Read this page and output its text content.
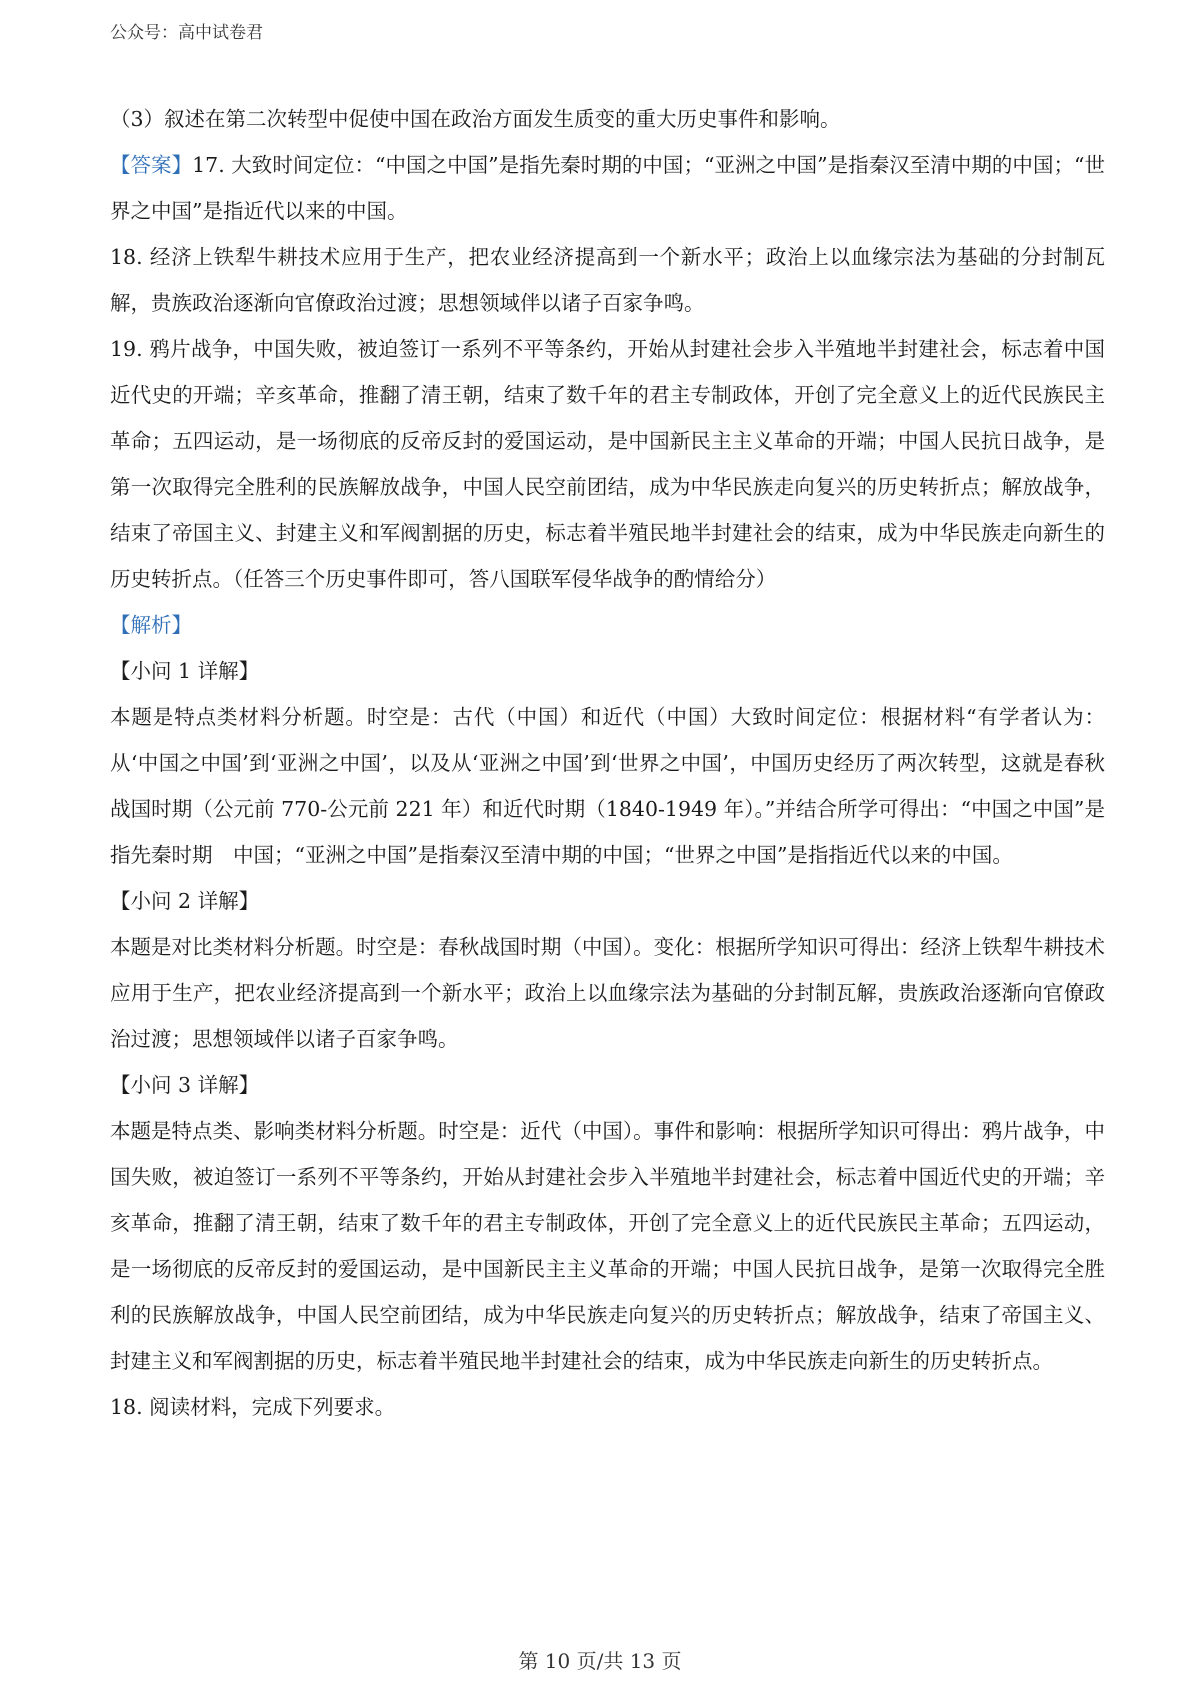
公众号：高中试卷君

（3）叙述在第二次转型中促使中国在政治方面发生质变的重大历史事件和影响。

【答案】17. 大致时间定位：“中国之中国”是指先秦时期的中国；“亚洲之中国”是指秦汉至清中期的中国；“世界之中国”是指近代以来的中国。

18. 经济上铁犁牛耕技术应用于生产，把农业经济提高到一个新水平；政治上以血缘宗法为基础的分封制瓦解，贵族政治逐渐向官僚政治过渡；思想领域伴以诸子百家争鸣。

19. 鸦片战争，中国失败，被迫签订一系列不平等条约，开始从封建社会步入半殖地半封建社会，标志着中国近代史的开端；辛亥革命，推翻了清王朝，结束了数千年的君主专制政体，开创了完全意义上的近代民族民主革命；五四运动，是一场彻底的反帝反封的爱国运动，是中国新民主主义革命的开端；中国人民抗日战争，是第一次取得完全胜利的民族解放战争，中国人民空前团结，成为中华民族走向复兴的历史转折点；解放战争，结束了帝国主义、封建主义和军阀割据的历史，标志着半殖民地半封建社会的结束，成为中华民族走向新生的历史转折点。（任答三个历史事件即可，答八国联军侵华战争的酌情给分）

【解析】

【小问 1 详解】

本题是特点类材料分析题。时空是：古代（中国）和近代（中国）大致时间定位：根据材料“有学者认为：从‘中国之中国’到‘亚洲之中国’，以及从‘亚洲之中国’到‘世界之中国’，中国历史经历了两次转型，这就是春秋战国时期（公元前 770-公元前 221 年）和近代时期（1840-1949 年）。”并结合所学可得出：“中国之中国”是指先秦时期　中国；“亚洲之中国”是指秦汉至清中期的中国；“世界之中国”是指指近代以来的中国。

【小问 2 详解】

本题是对比类材料分析题。时空是：春秋战国时期（中国）。变化：根据所学知识可得出：经济上铁犁牛耕技术应用于生产，把农业经济提高到一个新水平；政治上以血缘宗法为基础的分封制瓦解，贵族政治逐渐向官僚政治过渡；思想领域伴以诸子百家争鸣。

【小问 3 详解】

本题是特点类、影响类材料分析题。时空是：近代（中国）。事件和影响：根据所学知识可得出：鸦片战争，中国失败，被迫签订一系列不平等条约，开始从封建社会步入半殖地半封建社会，标志着中国近代史的开端；辛亥革命，推翻了清王朝，结束了数千年的君主专制政体，开创了完全意义上的近代民族民主革命；五四运动，是一场彻底的反帝反封的爱国运动，是中国新民主主义革命的开端；中国人民抗日战争，是第一次取得完全胜利的民族解放战争，中国人民空前团结，成为中华民族走向复兴的历史转折点；解放战争，结束了帝国主义、封建主义和军阀割据的历史，标志着半殖民地半封建社会的结束，成为中华民族走向新生的历史转折点。

18. 阅读材料，完成下列要求。

第 10 页/共 13 页
